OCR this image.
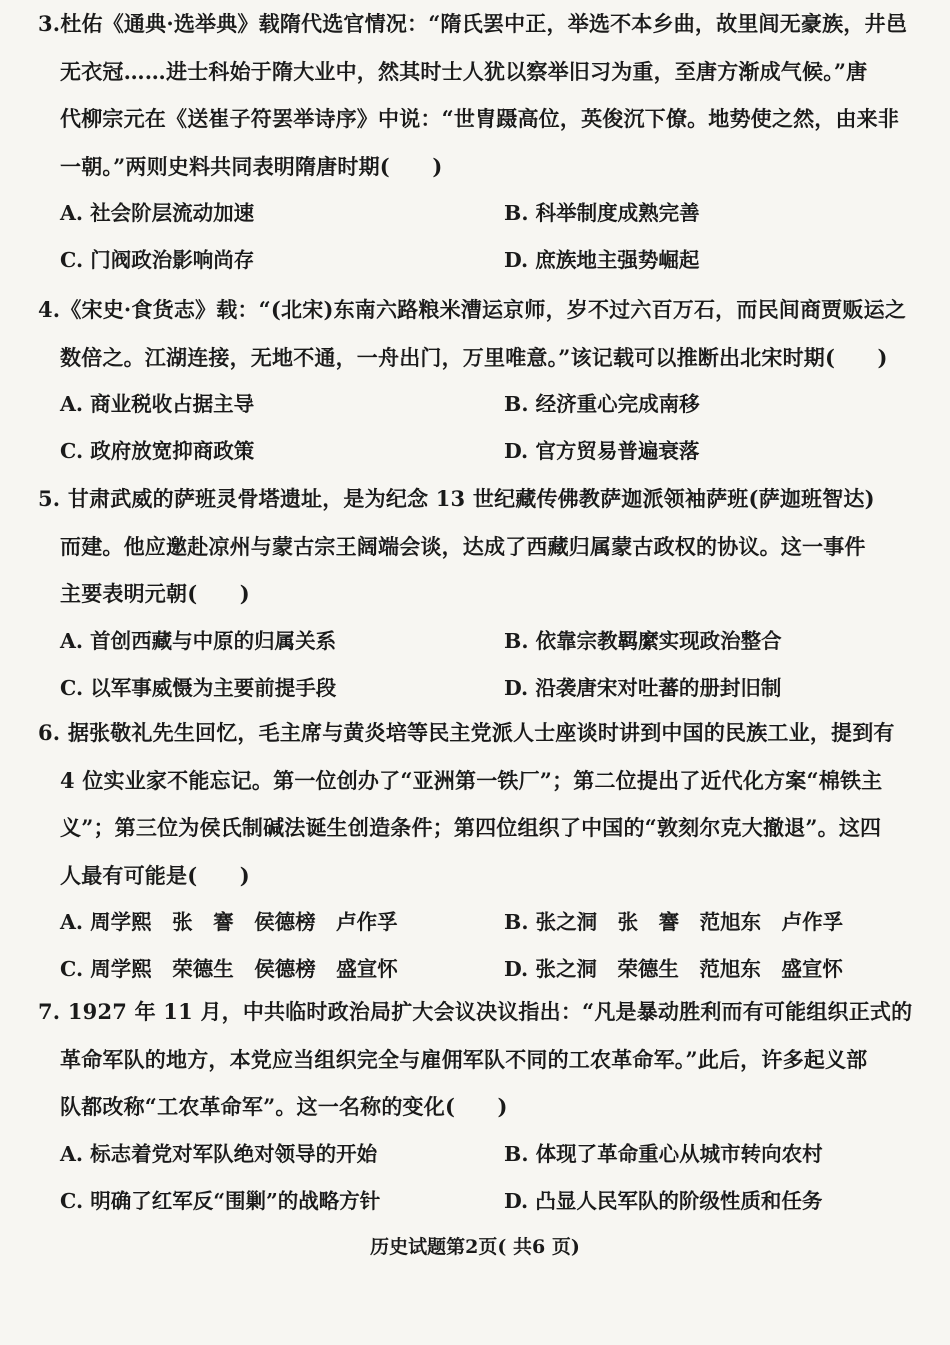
3.杜佑《通典·选举典》载隋代选官情况：“隋氏罢中正，举选不本乡曲，故里闾无豪族，井邑
无衣冠……进士科始于隋大业中，然其时士人犹以察举旧习为重，至唐方渐成气候。”唐
代柳宗元在《送崔子符罢举诗序》中说：“世胄蹑高位，英俊沉下僚。地势使之然，由来非
一朝。”两则史料共同表明隋唐时期(　　)

A. 社会阶层流动加速	B. 科举制度成熟完善
C. 门阀政治影响尚存	D. 庶族地主强势崛起

4.《宋史·食货志》载：“(北宋)东南六路粮米漕运京师，岁不过六百万石，而民间商贾贩运之
数倍之。江湖连接，无地不通，一舟出门，万里唯意。”该记载可以推断出北宋时期(　　)

A. 商业税收占据主导	B. 经济重心完成南移
C. 政府放宽抑商政策	D. 官方贸易普遍衰落

5. 甘肃武威的萨班灵骨塔遗址，是为纪念 13 世纪藏传佛教萨迦派领袖萨班(萨迦班智达)
而建。他应邀赴凉州与蒙古宗王阔端会谈，达成了西藏归属蒙古政权的协议。这一事件
主要表明元朝(　　)

A. 首创西藏与中原的归属关系	B. 依靠宗教羁縻实现政治整合
C. 以军事威慑为主要前提手段	D. 沿袭唐宋对吐蕃的册封旧制

6. 据张敬礼先生回忆，毛主席与黄炎培等民主党派人士座谈时讲到中国的民族工业，提到有
4 位实业家不能忘记。第一位创办了“亚洲第一铁厂”；第二位提出了近代化方案“棉铁主
义”；第三位为侯氏制碱法诞生创造条件；第四位组织了中国的“敦刻尔克大撤退”。这四
人最有可能是(　　)

A. 周学熙　张　謇　侯德榜　卢作孚	B. 张之洞　张　謇　范旭东　卢作孚
C. 周学熙　荣德生　侯德榜　盛宣怀	D. 张之洞　荣德生　范旭东　盛宣怀

7. 1927 年 11 月，中共临时政治局扩大会议决议指出：“凡是暴动胜利而有可能组织正式的
革命军队的地方，本党应当组织完全与雇佣军队不同的工农革命军。”此后，许多起义部
队都改称“工农革命军”。这一名称的变化(　　)

A. 标志着党对军队绝对领导的开始	B. 体现了革命重心从城市转向农村
C. 明确了红军反“围剿”的战略方针	D. 凸显人民军队的阶级性质和任务
历史试题第2页( 共6 页)
